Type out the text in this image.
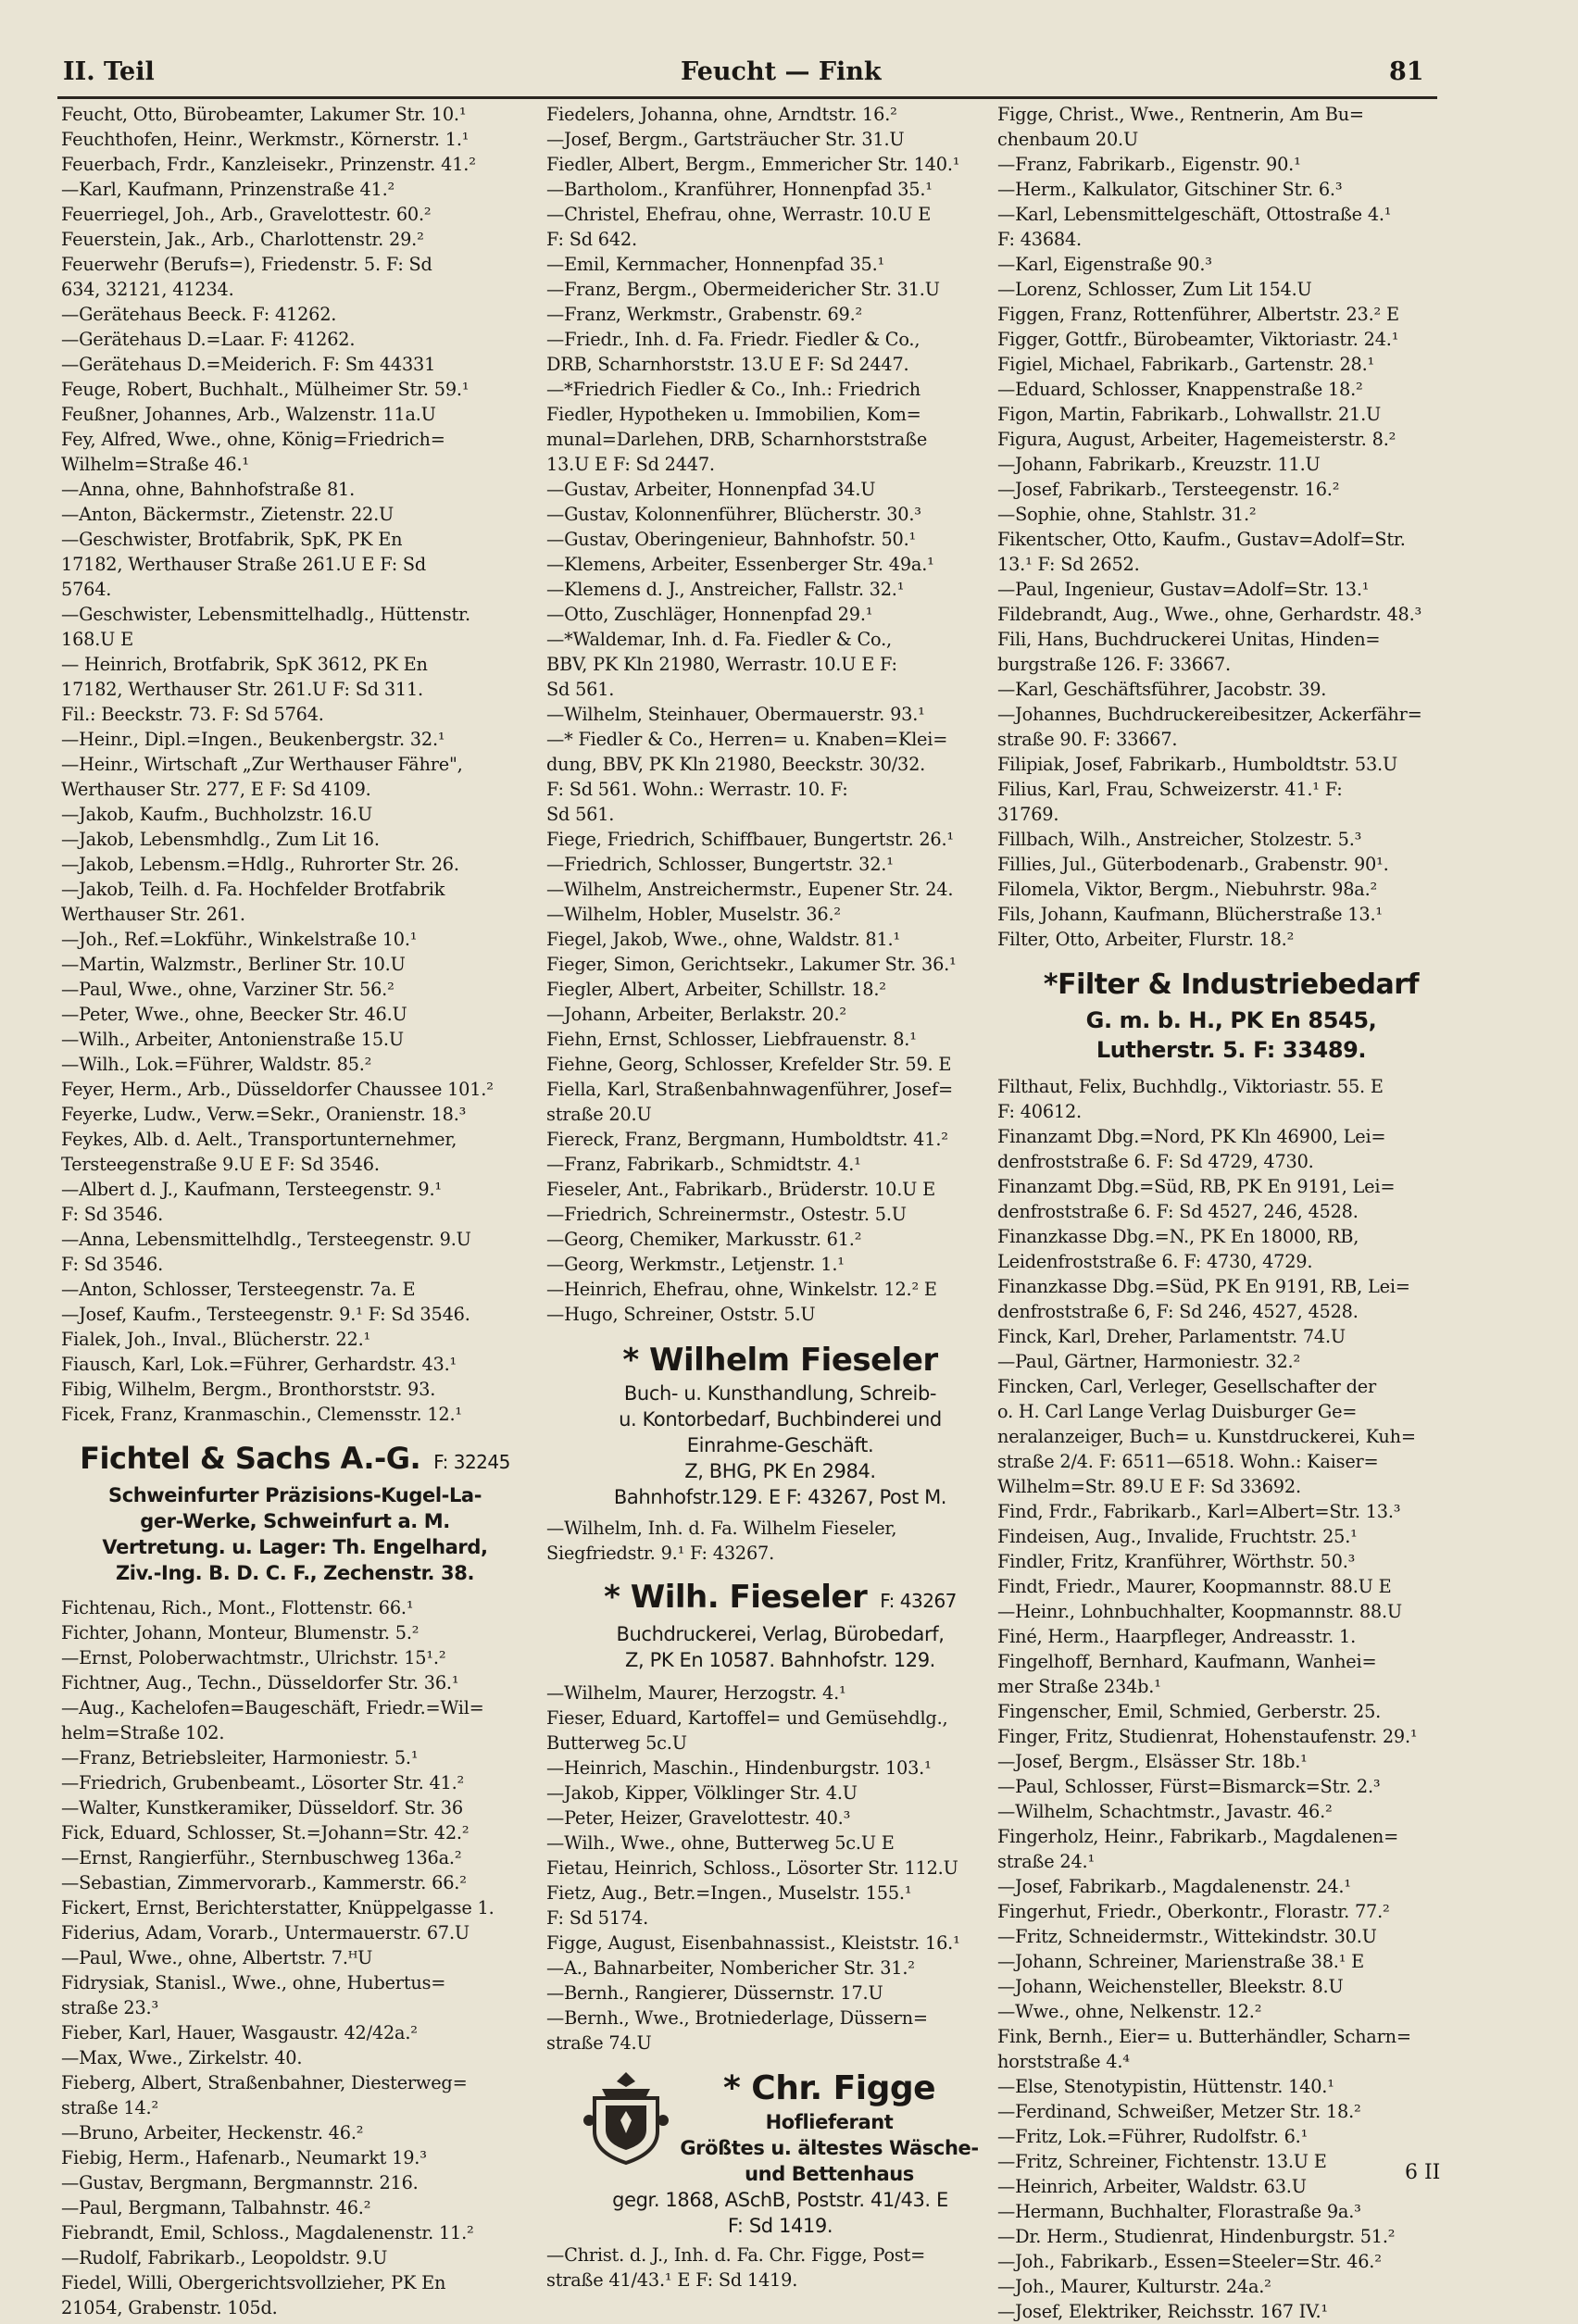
II. Teil	Feucht — Fink	81
Feucht, Otto, Bürobeamter, Lakumer Str. 10.¹
Feuchthofen, Heinr., Werkmstr., Körnerstr. 1.¹
Feuerbach, Frdr., Kanzleisekr., Prinzenstr. 41.²
—Karl, Kaufmann, Prinzenstraße 41.²
Feuerriegel, Joh., Arb., Gravelottestr. 60.²
Feuerstein, Jak., Arb., Charlottenstr. 29.²
Feuerwehr (Berufs=), Friedenstr. 5. F: Sd
634, 32121, 41234.
—Gerätehaus Beeck. F: 41262.
—Gerätehaus D.=Laar. F: 41262.
—Gerätehaus D.=Meiderich. F: Sm 44331
Feuge, Robert, Buchhalt., Mülheimer Str. 59.¹
Feußner, Johannes, Arb., Walzenstr. 11a.U
Fey, Alfred, Wwe., ohne, König=Friedrich=
Wilhelm=Straße 46.¹
—Anna, ohne, Bahnhofstraße 81.
—Anton, Bäckermstr., Zietenstr. 22.U
—Geschwister, Brotfabrik, SpK, PK En
17182, Werthauser Straße 261.U E F: Sd
5764.
—Geschwister, Lebensmittelhadlg., Hüttenstr.
168.U E
— Heinrich, Brotfabrik, SpK 3612, PK En
17182, Werthauser Str. 261.U F: Sd 311.
Fil.: Beeckstr. 73. F: Sd 5764.
—Heinr., Dipl.=Ingen., Beukenbergstr. 32.¹
—Heinr., Wirtschaft „Zur Werthauser Fähre",
Werthauser Str. 277, E F: Sd 4109.
—Jakob, Kaufm., Buchholzstr. 16.U
—Jakob, Lebensmhdlg., Zum Lit 16.
—Jakob, Lebensm.=Hdlg., Ruhrorter Str. 26.
—Jakob, Teilh. d. Fa. Hochfelder Brotfabrik
Werthauser Str. 261.
—Joh., Ref.=Lokführ., Winkelstraße 10.¹
—Martin, Walzmstr., Berliner Str. 10.U
—Paul, Wwe., ohne, Varziner Str. 56.²
—Peter, Wwe., ohne, Beecker Str. 46.U
—Wilh., Arbeiter, Antonienstraße 15.U
—Wilh., Lok.=Führer, Waldstr. 85.²
Feyer, Herm., Arb., Düsseldorfer Chaussee 101.²
Feyerke, Ludw., Verw.=Sekr., Oranienstr. 18.³
Feykes, Alb. d. Aelt., Transportunternehmer,
Tersteegenstraße 9.U E F: Sd 3546.
—Albert d. J., Kaufmann, Tersteegenstr. 9.¹
F: Sd 3546.
—Anna, Lebensmittelhdlg., Tersteegenstr. 9.U
F: Sd 3546.
—Anton, Schlosser, Tersteegenstr. 7a. E
—Josef, Kaufm., Tersteegenstr. 9.¹ F: Sd 3546.
Fialek, Joh., Inval., Blücherstr. 22.¹
Fiausch, Karl, Lok.=Führer, Gerhardstr. 43.¹
Fibig, Wilhelm, Bergm., Bronthorststr. 93.
Ficek, Franz, Kranmaschin., Clemensstr. 12.¹
Fichtel & Sachs A.-G. F: 32245
Schweinfurter Präzisions-Kugel-La-
ger-Werke, Schweinfurt a. M.
Vertretung. u. Lager: Th. Engelhard,
Ziv.-Ing. B. D. C. F., Zechenstr. 38.
Fichtenau, Rich., Mont., Flottenstr. 66.¹
Fichter, Johann, Monteur, Blumenstr. 5.²
—Ernst, Poloberwachtmstr., Ulrichstr. 15¹.²
Fichtner, Aug., Techn., Düsseldorfer Str. 36.¹
—Aug., Kachelofen=Baugeschäft, Friedr.=Wil=
helm=Straße 102.
—Franz, Betriebsleiter, Harmoniestr. 5.¹
—Friedrich, Grubenbeamt., Lösorter Str. 41.²
—Walter, Kunstkeramiker, Düsseldorf. Str. 36
Fick, Eduard, Schlosser, St.=Johann=Str. 42.²
—Ernst, Rangierführ., Sternbuschweg 136a.²
—Sebastian, Zimmervorarb., Kammerstr. 66.²
Fickert, Ernst, Berichterstatter, Knüppelgasse 1.
Fiderius, Adam, Vorarb., Untermauerstr. 67.U
—Paul, Wwe., ohne, Albertstr. 7.ᴴU
Fidrysiak, Stanisl., Wwe., ohne, Hubertus=
straße 23.³
Fieber, Karl, Hauer, Wasgaustr. 42/42a.²
—Max, Wwe., Zirkelstr. 40.
Fieberg, Albert, Straßenbahner, Diesterweg=
straße 14.²
—Bruno, Arbeiter, Heckenstr. 46.²
Fiebig, Herm., Hafenarb., Neumarkt 19.³
—Gustav, Bergmann, Bergmannstr. 216.
—Paul, Bergmann, Talbahnstr. 46.²
Fiebrandt, Emil, Schloss., Magdalenenstr. 11.²
—Rudolf, Fabrikarb., Leopoldstr. 9.U
Fiedel, Willi, Obergerichtsvollzieher, PK En
21054, Grabenstr. 105d.
Fiedelers, Johanna, ohne, Arndtstr. 16.²
—Josef, Bergm., Gartsträucher Str. 31.U
Fiedler, Albert, Bergm., Emmericher Str. 140.¹
—Bartholom., Kranführer, Honnenpfad 35.¹
—Christel, Ehefrau, ohne, Werrastr. 10.U E
F: Sd 642.
—Emil, Kernmacher, Honnenpfad 35.¹
—Franz, Bergm., Obermeidericher Str. 31.U
—Franz, Werkmstr., Grabenstr. 69.²
—Friedr., Inh. d. Fa. Friedr. Fiedler & Co.,
DRB, Scharnhorststr. 13.U E F: Sd 2447.
—*Friedrich Fiedler & Co., Inh.: Friedrich
Fiedler, Hypotheken u. Immobilien, Kom=
munal=Darlehen, DRB, Scharnhorststraße
13.U E F: Sd 2447.
—Gustav, Arbeiter, Honnenpfad 34.U
—Gustav, Kolonnenführer, Blücherstr. 30.³
—Gustav, Oberingenieur, Bahnhofstr. 50.¹
—Klemens, Arbeiter, Essenberger Str. 49a.¹
—Klemens d. J., Anstreicher, Fallstr. 32.¹
—Otto, Zuschläger, Honnenpfad 29.¹
—*Waldemar, Inh. d. Fa. Fiedler & Co.,
BBV, PK Kln 21980, Werrastr. 10.U E F:
Sd 561.
—Wilhelm, Steinhauer, Obermauerstr. 93.¹
—* Fiedler & Co., Herren= u. Knaben=Klei=
dung, BBV, PK Kln 21980, Beeckstr. 30/32.
F: Sd 561. Wohn.: Werrastr. 10. F:
Sd 561.
Fiege, Friedrich, Schiffbauer, Bungertstr. 26.¹
—Friedrich, Schlosser, Bungertstr. 32.¹
—Wilhelm, Anstreichermstr., Eupener Str. 24.
—Wilhelm, Hobler, Muselstr. 36.²
Fiegel, Jakob, Wwe., ohne, Waldstr. 81.¹
Fieger, Simon, Gerichtsekr., Lakumer Str. 36.¹
Fiegler, Albert, Arbeiter, Schillstr. 18.²
—Johann, Arbeiter, Berlakstr. 20.²
Fiehn, Ernst, Schlosser, Liebfrauenstr. 8.¹
Fiehne, Georg, Schlosser, Krefelder Str. 59. E
Fiella, Karl, Straßenbahnwagenführer, Josef=
straße 20.U
Fiereck, Franz, Bergmann, Humboldtstr. 41.²
—Franz, Fabrikarb., Schmidtstr. 4.¹
Fieseler, Ant., Fabrikarb., Brüderstr. 10.U E
—Friedrich, Schreinermstr., Ostestr. 5.U
—Georg, Chemiker, Markusstr. 61.²
—Georg, Werkmstr., Letjenstr. 1.¹
—Heinrich, Ehefrau, ohne, Winkelstr. 12.² E
—Hugo, Schreiner, Oststr. 5.U
* Wilhelm Fieseler
Buch- u. Kunsthandlung, Schreib-
u. Kontorbedarf, Buchbinderei und
Einrahme-Geschäft.
Z, BHG, PK En 2984.
Bahnhofstr.129. E F: 43267, Post M.
—Wilhelm, Inh. d. Fa. Wilhelm Fieseler,
Siegfriedstr. 9.¹ F: 43267.
* Wilh. Fieseler F: 43267
Buchdruckerei, Verlag, Bürobedarf,
Z, PK En 10587. Bahnhofstr. 129.
—Wilhelm, Maurer, Herzogstr. 4.¹
Fieser, Eduard, Kartoffel= und Gemüsehdlg.,
Butterweg 5c.U
—Heinrich, Maschin., Hindenburgstr. 103.¹
—Jakob, Kipper, Völklinger Str. 4.U
—Peter, Heizer, Gravelottestr. 40.³
—Wilh., Wwe., ohne, Butterweg 5c.U E
Fietau, Heinrich, Schloss., Lösorter Str. 112.U
Fietz, Aug., Betr.=Ingen., Muselstr. 155.¹
F: Sd 5174.
Figge, August, Eisenbahnassist., Kleiststr. 16.¹
—A., Bahnarbeiter, Nombericher Str. 31.²
—Bernh., Rangierer, Düssernstr. 17.U
—Bernh., Wwe., Brotniederlage, Düssern=
straße 74.U
* Chr. Figge
Hoflieferant
Größtes u. ältestes Wäsche-
und Bettenhaus
gegr. 1868, ASchB, Poststr. 41/43. E
F: Sd 1419.
—Christ. d. J., Inh. d. Fa. Chr. Figge, Post=
straße 41/43.¹ E F: Sd 1419.
Figge, Christ., Wwe., Rentnerin, Am Bu=
chenbaum 20.U
—Franz, Fabrikarb., Eigenstr. 90.¹
—Herm., Kalkulator, Gitschiner Str. 6.³
—Karl, Lebensmittelgeschäft, Ottostraße 4.¹
F: 43684.
—Karl, Eigenstraße 90.³
—Lorenz, Schlosser, Zum Lit 154.U
Figgen, Franz, Rottenführer, Albertstr. 23.² E
Figger, Gottfr., Bürobeamter, Viktoriastr. 24.¹
Figiel, Michael, Fabrikarb., Gartenstr. 28.¹
—Eduard, Schlosser, Knappenstraße 18.²
Figon, Martin, Fabrikarb., Lohwallstr. 21.U
Figura, August, Arbeiter, Hagemeisterstr. 8.²
—Johann, Fabrikarb., Kreuzstr. 11.U
—Josef, Fabrikarb., Tersteegenstr. 16.²
—Sophie, ohne, Stahlstr. 31.²
Fikentscher, Otto, Kaufm., Gustav=Adolf=Str.
13.¹ F: Sd 2652.
—Paul, Ingenieur, Gustav=Adolf=Str. 13.¹
Fildebrandt, Aug., Wwe., ohne, Gerhardstr. 48.³
Fili, Hans, Buchdruckerei Unitas, Hinden=
burgstraße 126. F: 33667.
—Karl, Geschäftsführer, Jacobstr. 39.
—Johannes, Buchdruckereibesitzer, Ackerfähr=
straße 90. F: 33667.
Filipiak, Josef, Fabrikarb., Humboldtstr. 53.U
Filius, Karl, Frau, Schweizerstr. 41.¹ F:
31769.
Fillbach, Wilh., Anstreicher, Stolzestr. 5.³
Fillies, Jul., Güterbodenarb., Grabenstr. 90¹.
Filomela, Viktor, Bergm., Niebuhrstr. 98a.²
Fils, Johann, Kaufmann, Blücherstraße 13.¹
Filter, Otto, Arbeiter, Flurstr. 18.²
*Filter & Industriebedarf
G. m. b. H., PK En 8545,
Lutherstr. 5. F: 33489.
Filthaut, Felix, Buchhdlg., Viktoriastr. 55. E
F: 40612.
Finanzamt Dbg.=Nord, PK Kln 46900, Lei=
denfroststraße 6. F: Sd 4729, 4730.
Finanzamt Dbg.=Süd, RB, PK En 9191, Lei=
denfroststraße 6. F: Sd 4527, 246, 4528.
Finanzkasse Dbg.=N., PK En 18000, RB,
Leidenfroststraße 6. F: 4730, 4729.
Finanzkasse Dbg.=Süd, PK En 9191, RB, Lei=
denfroststraße 6, F: Sd 246, 4527, 4528.
Finck, Karl, Dreher, Parlamentstr. 74.U
—Paul, Gärtner, Harmoniestr. 32.²
Fincken, Carl, Verleger, Gesellschafter der
o. H. Carl Lange Verlag Duisburger Ge=
neralanzeiger, Buch= u. Kunstdruckerei, Kuh=
straße 2/4. F: 6511—6518. Wohn.: Kaiser=
Wilhelm=Str. 89.U E F: Sd 33692.
Find, Frdr., Fabrikarb., Karl=Albert=Str. 13.³
Findeisen, Aug., Invalide, Fruchtstr. 25.¹
Findler, Fritz, Kranführer, Wörthstr. 50.³
Findt, Friedr., Maurer, Koopmannstr. 88.U E
—Heinr., Lohnbuchhalter, Koopmannstr. 88.U
Finé, Herm., Haarpfleger, Andreasstr. 1.
Fingelhoff, Bernhard, Kaufmann, Wanhei=
mer Straße 234b.¹
Fingenscher, Emil, Schmied, Gerberstr. 25.
Finger, Fritz, Studienrat, Hohenstaufenstr. 29.¹
—Josef, Bergm., Elsässer Str. 18b.¹
—Paul, Schlosser, Fürst=Bismarck=Str. 2.³
—Wilhelm, Schachtmstr., Javastr. 46.²
Fingerholz, Heinr., Fabrikarb., Magdalenen=
straße 24.¹
—Josef, Fabrikarb., Magdalenenstr. 24.¹
Fingerhut, Friedr., Oberkontr., Florastr. 77.²
—Fritz, Schneidermstr., Wittekindstr. 30.U
—Johann, Schreiner, Marienstraße 38.¹ E
—Johann, Weichensteller, Bleekstr. 8.U
—Wwe., ohne, Nelkenstr. 12.²
Fink, Bernh., Eier= u. Butterhändler, Scharn=
horststraße 4.⁴
—Else, Stenotypistin, Hüttenstr. 140.¹
—Ferdinand, Schweißer, Metzer Str. 18.²
—Fritz, Lok.=Führer, Rudolfstr. 6.¹
—Fritz, Schreiner, Fichtenstr. 13.U E
—Heinrich, Arbeiter, Waldstr. 63.U
—Hermann, Buchhalter, Florastraße 9a.³
—Dr. Herm., Studienrat, Hindenburgstr. 51.²
—Joh., Fabrikarb., Essen=Steeler=Str. 46.²
—Joh., Maurer, Kulturstr. 24a.²
—Josef, Elektriker, Reichsstr. 167 IV.¹
6 II
